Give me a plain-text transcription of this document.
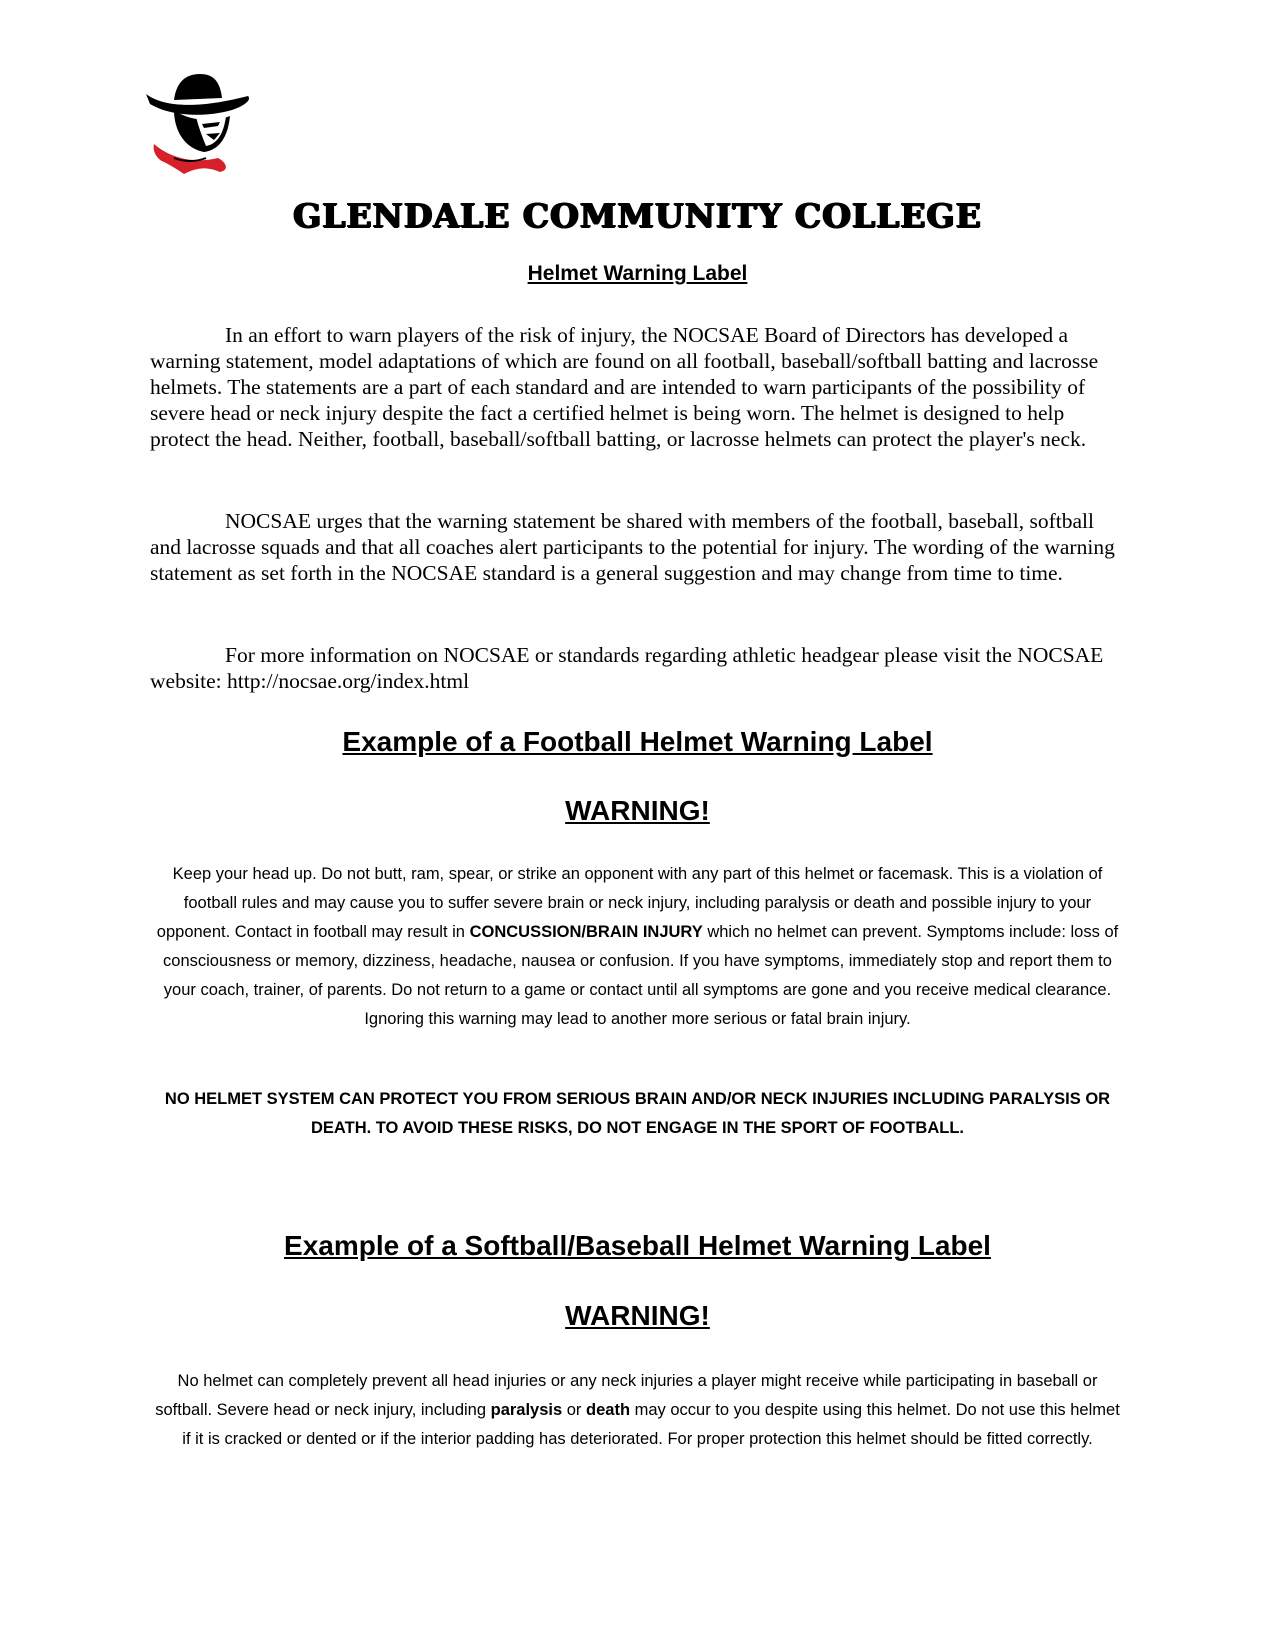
GLENDALE COMMUNITY COLLEGE
Helmet Warning Label

In an effort to warn players of the risk of injury, the NOCSAE Board of Directors has developed a warning statement, model adaptations of which are found on all football, baseball/softball batting and lacrosse helmets. The statements are a part of each standard and are intended to warn participants of the possibility of severe head or neck injury despite the fact a certified helmet is being worn. The helmet is designed to help protect the head. Neither, football, baseball/softball batting, or lacrosse helmets can protect the player's neck.

NOCSAE urges that the warning statement be shared with members of the football, baseball, softball and lacrosse squads and that all coaches alert participants to the potential for injury. The wording of the warning statement as set forth in the NOCSAE standard is a general suggestion and may change from time to time.

For more information on NOCSAE or standards regarding athletic headgear please visit the NOCSAE website: http://nocsae.org/index.html

Example of a Football Helmet Warning Label
WARNING!

Keep your head up. Do not butt, ram, spear, or strike an opponent with any part of this helmet or facemask. This is a violation of football rules and may cause you to suffer severe brain or neck injury, including paralysis or death and possible injury to your opponent. Contact in football may result in CONCUSSION/BRAIN INJURY which no helmet can prevent. Symptoms include: loss of consciousness or memory, dizziness, headache, nausea or confusion. If you have symptoms, immediately stop and report them to your coach, trainer, of parents. Do not return to a game or contact until all symptoms are gone and you receive medical clearance. Ignoring this warning may lead to another more serious or fatal brain injury.

NO HELMET SYSTEM CAN PROTECT YOU FROM SERIOUS BRAIN AND/OR NECK INJURIES INCLUDING PARALYSIS OR DEATH. TO AVOID THESE RISKS, DO NOT ENGAGE IN THE SPORT OF FOOTBALL.

Example of a Softball/Baseball Helmet Warning Label
WARNING!

No helmet can completely prevent all head injuries or any neck injuries a player might receive while participating in baseball or softball. Severe head or neck injury, including paralysis or death may occur to you despite using this helmet. Do not use this helmet if it is cracked or dented or if the interior padding has deteriorated. For proper protection this helmet should be fitted correctly.
